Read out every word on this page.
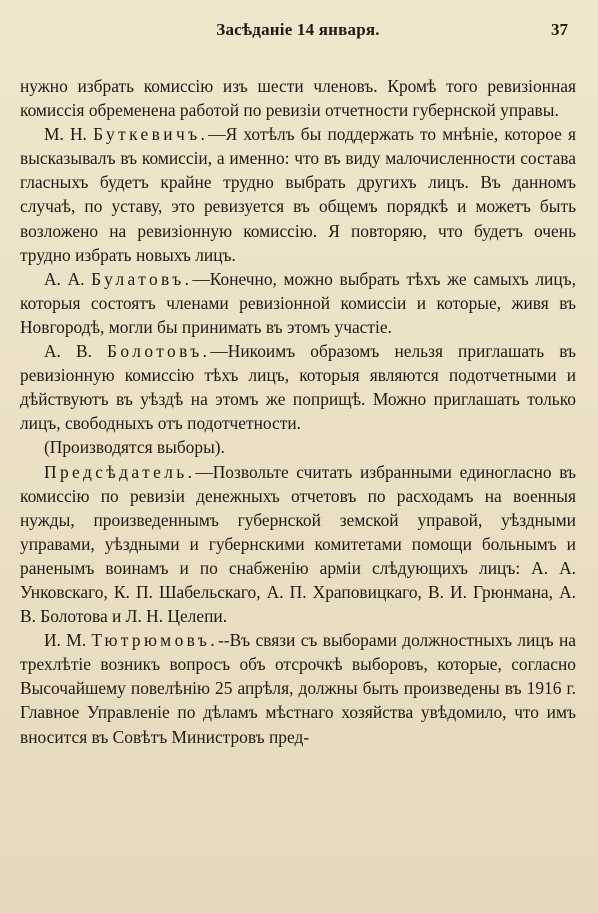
Засѣданіе 14 января.	37

нужно избрать комиссію изъ шести членовъ. Кромѣ того ревизіонная комиссія обременена работой по ревизіи отчетности губернской управы.

М. Н. Буткевичъ.—Я хотѣлъ бы поддержать то мнѣніе, которое я высказывалъ въ комиссіи, а именно: что въ виду малочисленности состава гласныхъ будетъ крайне трудно выбрать другихъ лицъ. Въ данномъ случаѣ, по уставу, это ревизуется въ общемъ порядкѣ и можетъ быть возложено на ревизіонную комиссію. Я повторяю, что будетъ очень трудно избрать новыхъ лицъ.

А. А. Булатовъ.—Конечно, можно выбрать тѣхъ же самыхъ лицъ, которыя состоятъ членами ревизіонной комиссіи и которые, живя въ Новгородѣ, могли бы принимать въ этомъ участіе.

А. В. Болотовъ.—Никоимъ образомъ нельзя приглашать въ ревизіонную комиссію тѣхъ лицъ, которыя являются подотчетными и дѣйствуютъ въ уѣздѣ на этомъ же поприщѣ. Можно приглашать только лицъ, свободныхъ отъ подотчетности.

(Производятся выборы).

Предсѣдатель.—Позвольте считать избранными единогласно въ комиссію по ревизіи денежныхъ отчетовъ по расходамъ на военныя нужды, произведеннымъ губернской земской управой, уѣздными управами, уѣздными и губернскими комитетами помощи больнымъ и раненымъ воинамъ и по снабженію арміи слѣдующихъ лицъ: А. А. Унковскаго, К. П. Шабельскаго, А. П. Храповицкаго, В. И. Грюнмана, А. В. Болотова и Л. Н. Целепи.

И. М. Тютрюмовъ.--Въ связи съ выборами должностныхъ лицъ на трехлѣтіе возникъ вопросъ объ отсрочкѣ выборовъ, которые, согласно Высочайшему повелѣнію 25 апрѣля, должны быть произведены въ 1916 г. Главное Управленіе по дѣламъ мѣстнаго хозяйства увѣдомило, что имъ вносится въ Совѣтъ Министровъ пред-
